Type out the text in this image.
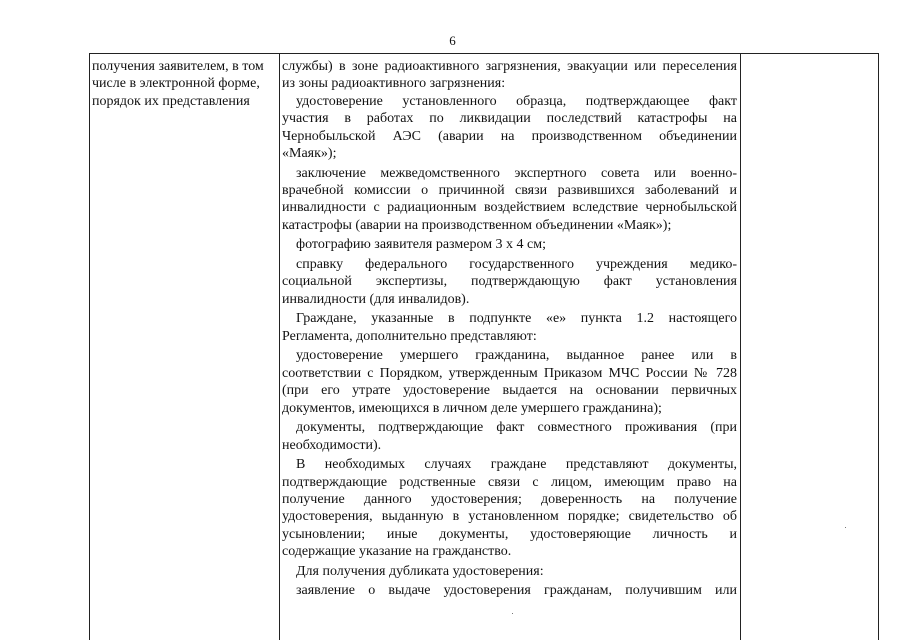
6
получения заявителем, в том
числе в электронной форме,
порядок их представления
службы) в зоне радиоактивного загрязнения, эвакуации или переселения
из зоны радиоактивного загрязнения:
удостоверение установленного образца, подтверждающее факт
участия в работах по ликвидации последствий катастрофы на
Чернобыльской АЭС (аварии на производственном объединении
«Маяк»);
заключение межведомственного экспертного совета или военно-
врачебной комиссии о причинной связи развившихся заболеваний и
инвалидности с радиационным воздействием вследствие чернобыльской
катастрофы (аварии на производственном объединении «Маяк»);
фотографию заявителя размером 3 х 4 см;
справку федерального государственного учреждения медико-
социальной экспертизы, подтверждающую факт установления
инвалидности (для инвалидов).
Граждане, указанные в подпункте «е» пункта 1.2 настоящего
Регламента, дополнительно представляют:
удостоверение умершего гражданина, выданное ранее или в
соответствии с Порядком, утвержденным Приказом МЧС России № 728
(при его утрате удостоверение выдается на основании первичных
документов, имеющихся в личном деле умершего гражданина);
документы, подтверждающие факт совместного проживания (при
необходимости).
В необходимых случаях граждане представляют документы,
подтверждающие родственные связи с лицом, имеющим право на
получение данного удостоверения; доверенность на получение
удостоверения, выданную в установленном порядке; свидетельство об
усыновлении; иные документы, удостоверяющие личность и
содержащие указание на гражданство.
Для получения дубликата удостоверения:
заявление о выдаче удостоверения гражданам, получившим или
